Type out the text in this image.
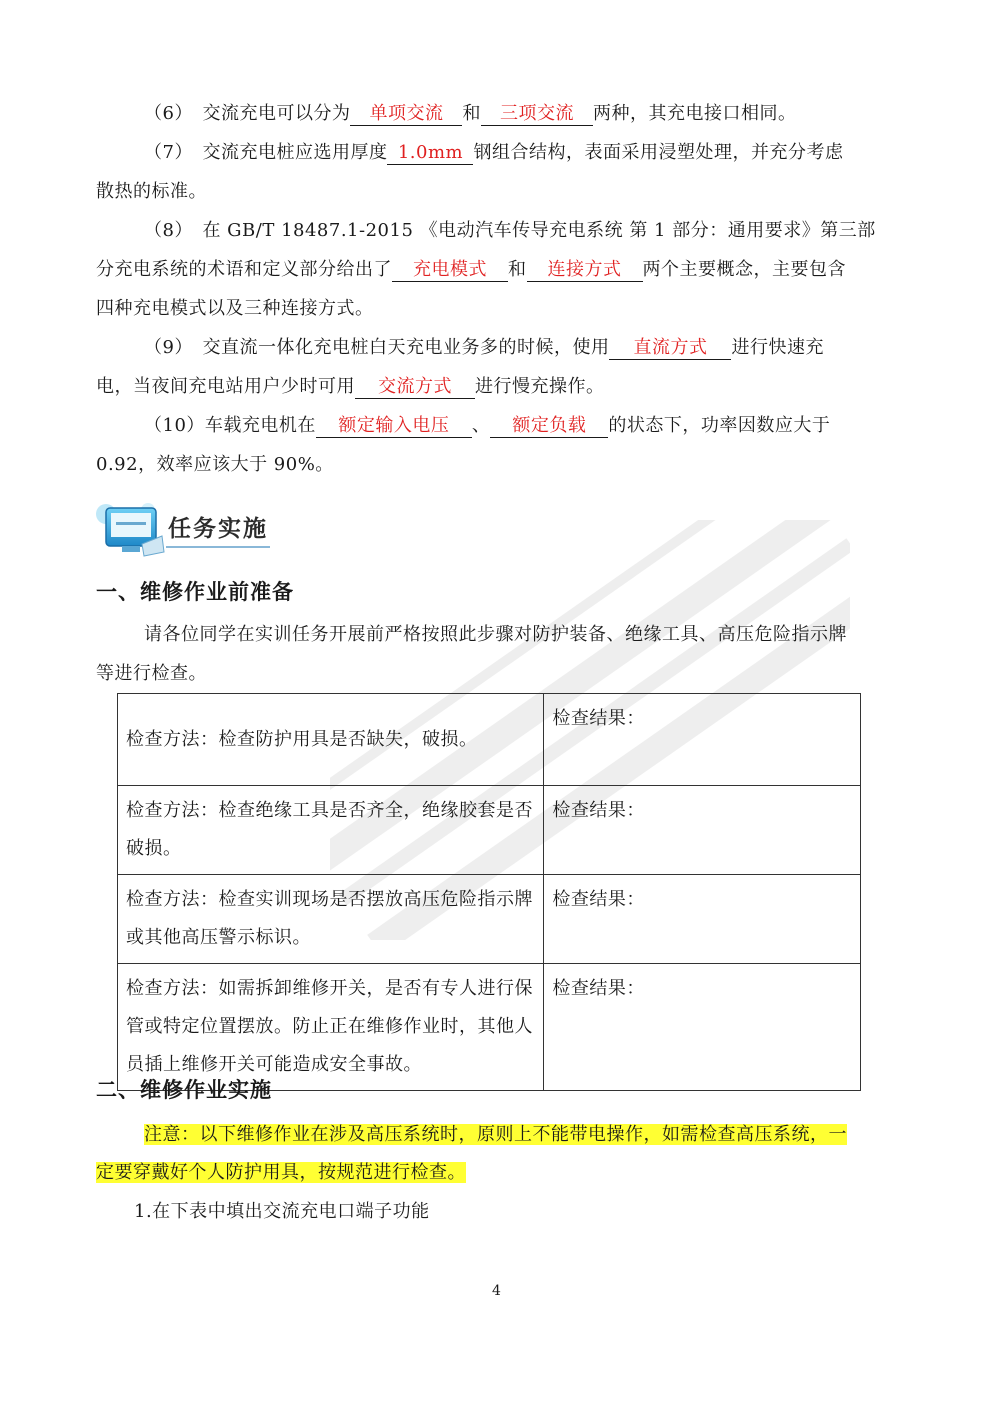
（6）　交流充电可以分为 单项交流 和 三项交流 两种，其充电接口相同。
（7）　交流充电桩应选用厚度 1.0mm 钢组合结构，表面采用浸塑处理，并充分考虑
散热的标准。
（8）　在 GB/T 18487.1-2015 《电动汽车传导充电系统 第 1 部分：通用要求》第三部
分充电系统的术语和定义部分给出了 充电模式 和 连接方式 两个主要概念，主要包含
四种充电模式以及三种连接方式。
（9）　交直流一体化充电桩白天充电业务多的时候，使用 直流方式 进行快速充
电，当夜间充电站用户少时可用 交流方式 进行慢充操作。
（10）车载充电机在 额定输入电压 、 额定负载 的状态下，功率因数应大于
0.92，效率应该大于 90%。
任务实施
一、维修作业前准备
请各位同学在实训任务开展前严格按照此步骤对防护装备、绝缘工具、高压危险指示牌
等进行检查。
检查方法：检查防护用具是否缺失，破损。	检查结果：
检查方法：检查绝缘工具是否齐全，绝缘胶套是否破损。	检查结果：
检查方法：检查实训现场是否摆放高压危险指示牌或其他高压警示标识。	检查结果：
检查方法：如需拆卸维修开关，是否有专人进行保管或特定位置摆放。防止正在维修作业时，其他人员插上维修开关可能造成安全事故。	检查结果：
二、维修作业实施
注意：以下维修作业在涉及高压系统时，原则上不能带电操作，如需检查高压系统，一
定要穿戴好个人防护用具，按规范进行检查。
1.在下表中填出交流充电口端子功能
4
